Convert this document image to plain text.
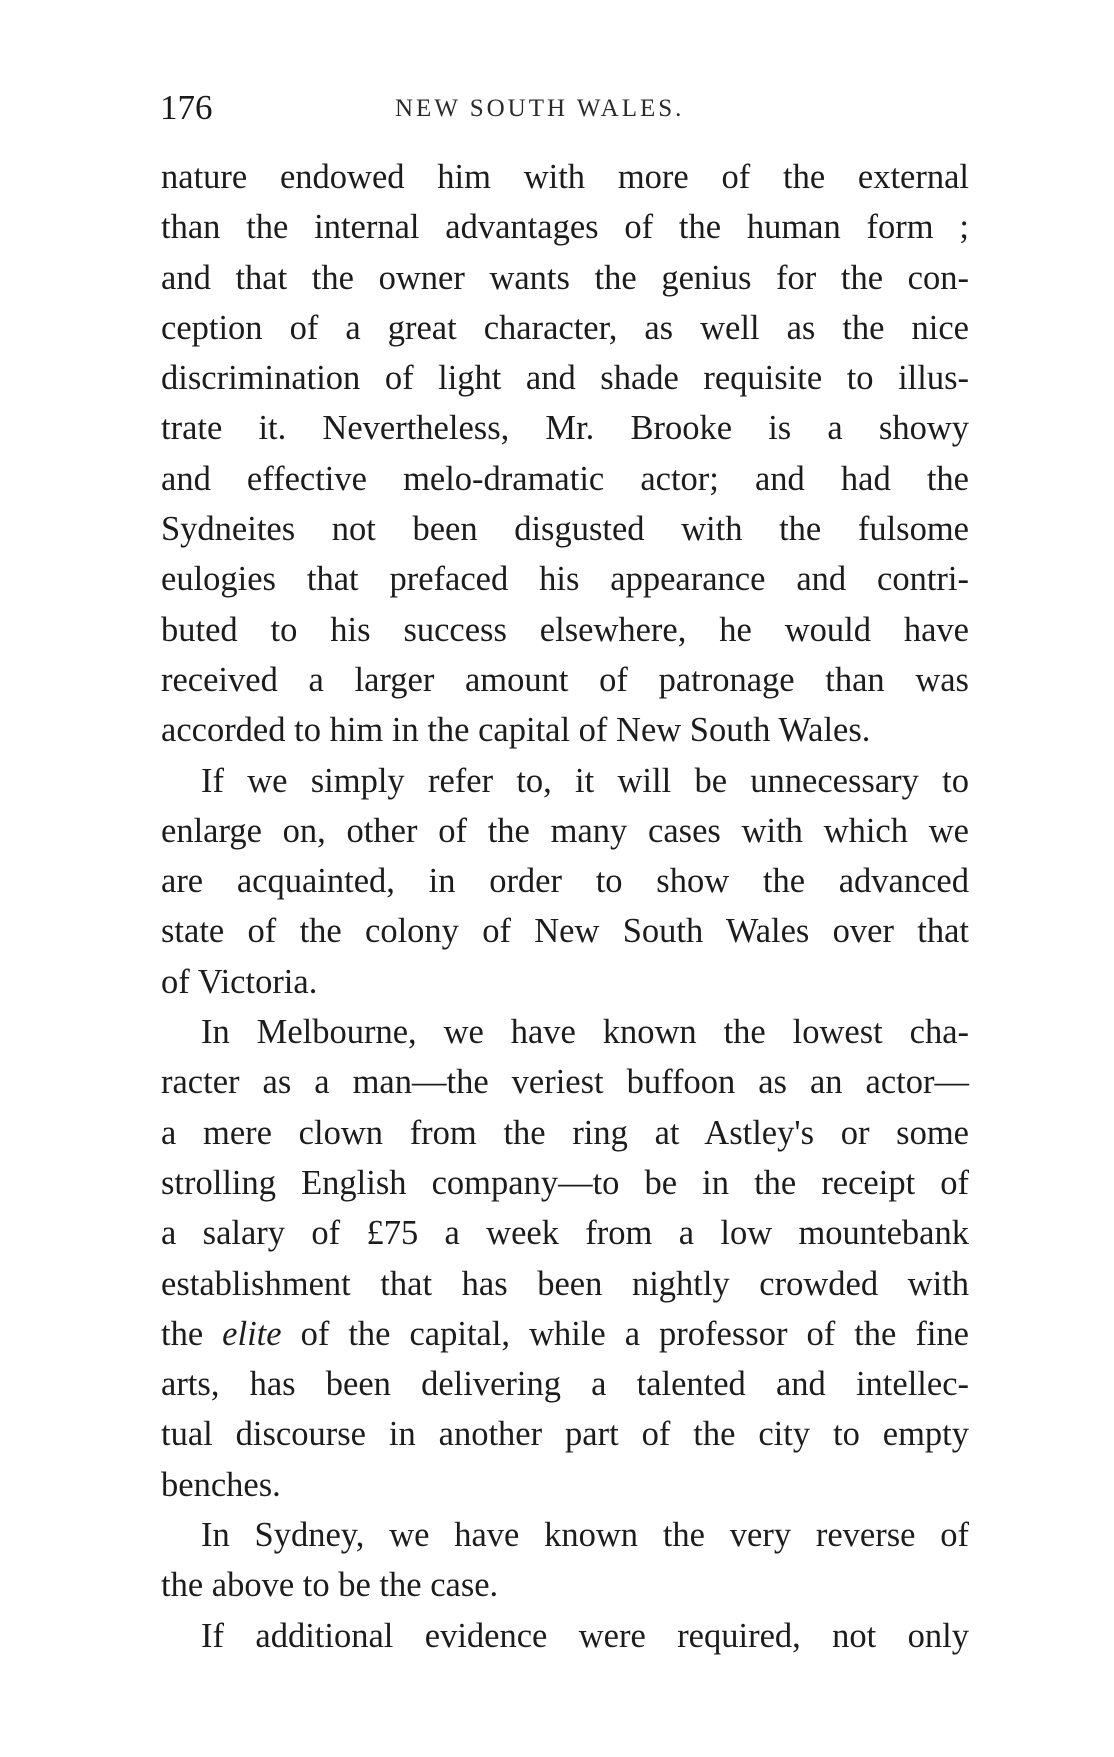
176	NEW SOUTH WALES.

nature endowed him with more of the external
than the internal advantages of the human form ;
and that the owner wants the genius for the con-
ception of a great character, as well as the nice
discrimination of light and shade requisite to illus-
trate it. Nevertheless, Mr. Brooke is a showy
and effective melo-dramatic actor; and had the
Sydneites not been disgusted with the fulsome
eulogies that prefaced his appearance and contri-
buted to his success elsewhere, he would have
received a larger amount of patronage than was
accorded to him in the capital of New South Wales.

If we simply refer to, it will be unnecessary to
enlarge on, other of the many cases with which we
are acquainted, in order to show the advanced
state of the colony of New South Wales over that
of Victoria.

In Melbourne, we have known the lowest cha-
racter as a man—the veriest buffoon as an actor—
a mere clown from the ring at Astley's or some
strolling English company—to be in the receipt of
a salary of £75 a week from a low mountebank
establishment that has been nightly crowded with
the elite of the capital, while a professor of the fine
arts, has been delivering a talented and intellec-
tual discourse in another part of the city to empty
benches.

In Sydney, we have known the very reverse of
the above to be the case.

If additional evidence were required, not only
